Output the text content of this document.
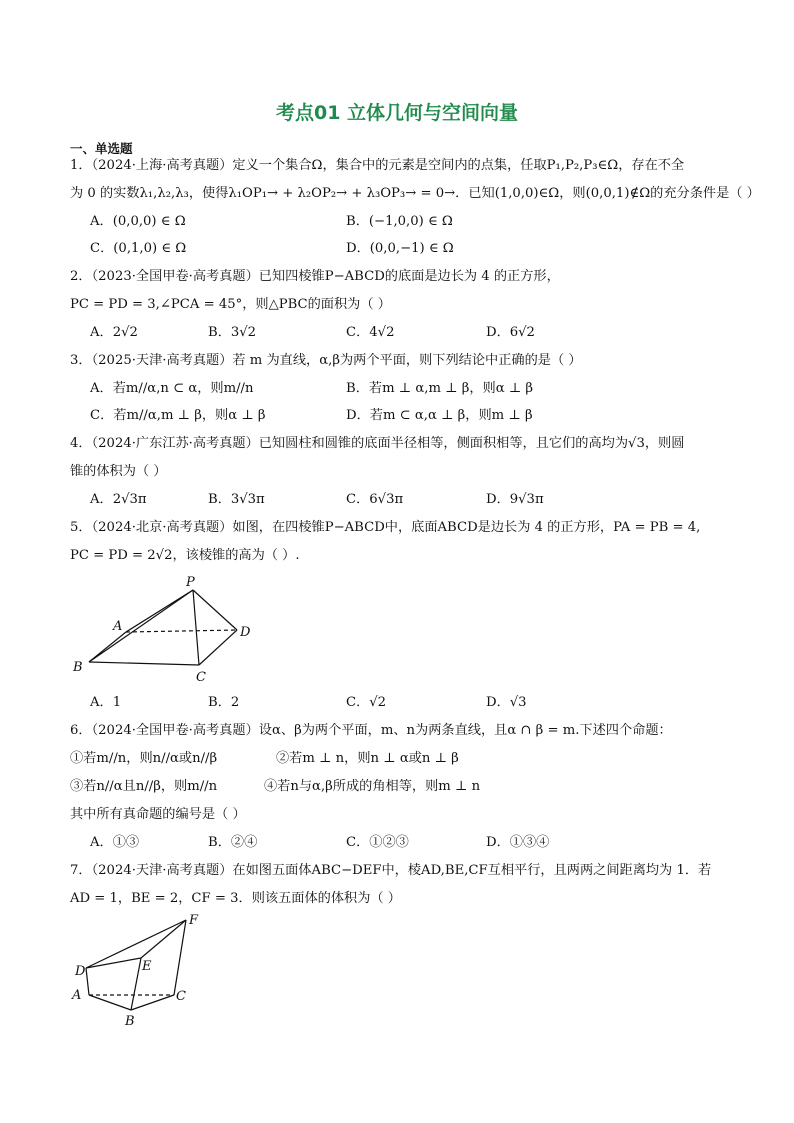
考点01 立体几何与空间向量
一、单选题
1．（2024·上海·高考真题）定义一个集合Ω，集合中的元素是空间内的点集，任取P₁,P₂,P₃∈Ω，存在不全
为 0 的实数λ₁,λ₂,λ₃，使得λ₁OP₁→ + λ₂OP₂→ + λ₃OP₃→ = 0→．已知(1,0,0)∈Ω，则(0,0,1)∉Ω的充分条件是（ ）
A．(0,0,0) ∈ Ω	B．(−1,0,0) ∈ Ω
C．(0,1,0) ∈ Ω	D．(0,0,−1) ∈ Ω
2．（2023·全国甲卷·高考真题）已知四棱锥P−ABCD的底面是边长为 4 的正方形，
PC = PD = 3,∠PCA = 45°，则△PBC的面积为（ ）
A．2√2	B．3√2	C．4√2	D．6√2
3．（2025·天津·高考真题）若 m 为直线，α,β为两个平面，则下列结论中正确的是（ ）
A．若m//α,n ⊂ α，则m//n	B．若m ⊥ α,m ⊥ β，则α ⊥ β
C．若m//α,m ⊥ β，则α ⊥ β	D．若m ⊂ α,α ⊥ β，则m ⊥ β
4．（2024·广东江苏·高考真题）已知圆柱和圆锥的底面半径相等，侧面积相等，且它们的高均为√3，则圆
锥的体积为（ ）
A．2√3π	B．3√3π	C．6√3π	D．9√3π
5．（2024·北京·高考真题）如图，在四棱锥P−ABCD中，底面ABCD是边长为 4 的正方形，PA = PB = 4,
PC = PD = 2√2，该棱锥的高为（ ）.
P
A
B
C
D
A．1	B．2	C．√2	D．√3
6．（2024·全国甲卷·高考真题）设α、β为两个平面，m、n为两条直线，且α ∩ β = m.下述四个命题：
①若m//n，则n//α或n//β	②若m ⊥ n，则n ⊥ α或n ⊥ β
③若n//α且n//β，则m//n	④若n与α,β所成的角相等，则m ⊥ n
其中所有真命题的编号是（ ）
A．①③	B．②④	C．①②③	D．①③④
7．（2024·天津·高考真题）在如图五面体ABC−DEF中，棱AD,BE,CF互相平行，且两两之间距离均为 1．若
AD = 1，BE = 2，CF = 3．则该五面体的体积为（ ）
F
D	E
A	C
B
